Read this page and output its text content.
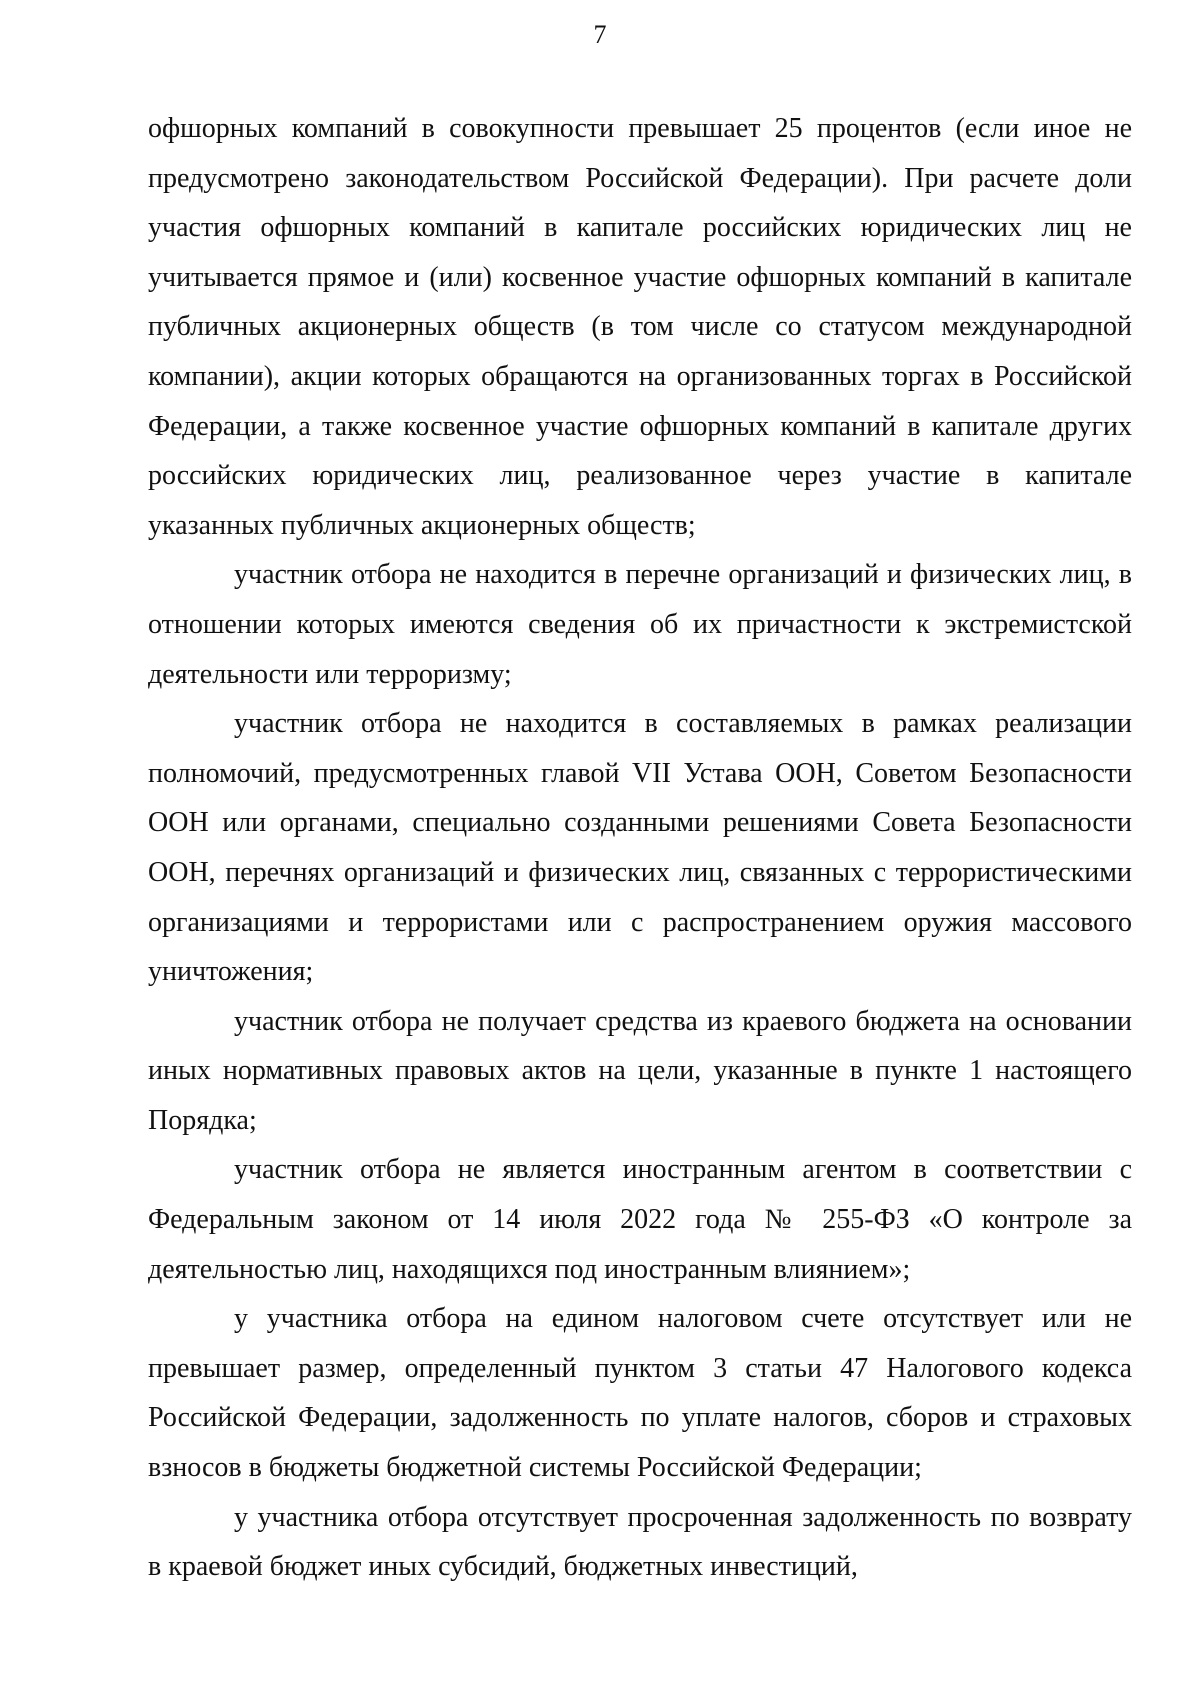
7

офшорных компаний в совокупности превышает 25 процентов (если иное не предусмотрено законодательством Российской Федерации). При расчете доли участия офшорных компаний в капитале российских юридических лиц не учитывается прямое и (или) косвенное участие офшорных компаний в капитале публичных акционерных обществ (в том числе со статусом международной компании), акции которых обращаются на организованных торгах в Российской Федерации, а также косвенное участие офшорных компаний в капитале других российских юридических лиц, реализованное через участие в капитале указанных публичных акционерных обществ;

участник отбора не находится в перечне организаций и физических лиц, в отношении которых имеются сведения об их причастности к экстремистской деятельности или терроризму;

участник отбора не находится в составляемых в рамках реализации полномочий, предусмотренных главой VII Устава ООН, Советом Безопасности ООН или органами, специально созданными решениями Совета Безопасности ООН, перечнях организаций и физических лиц, связанных с террористическими организациями и террористами или с распространением оружия массового уничтожения;

участник отбора не получает средства из краевого бюджета на основании иных нормативных правовых актов на цели, указанные в пункте 1 настоящего Порядка;

участник отбора не является иностранным агентом в соответствии с Федеральным законом от 14 июля 2022 года № 255-ФЗ «О контроле за деятельностью лиц, находящихся под иностранным влиянием»;

у участника отбора на едином налоговом счете отсутствует или не превышает размер, определенный пунктом 3 статьи 47 Налогового кодекса Российской Федерации, задолженность по уплате налогов, сборов и страховых взносов в бюджеты бюджетной системы Российской Федерации;

у участника отбора отсутствует просроченная задолженность по возврату в краевой бюджет иных субсидий, бюджетных инвестиций,
